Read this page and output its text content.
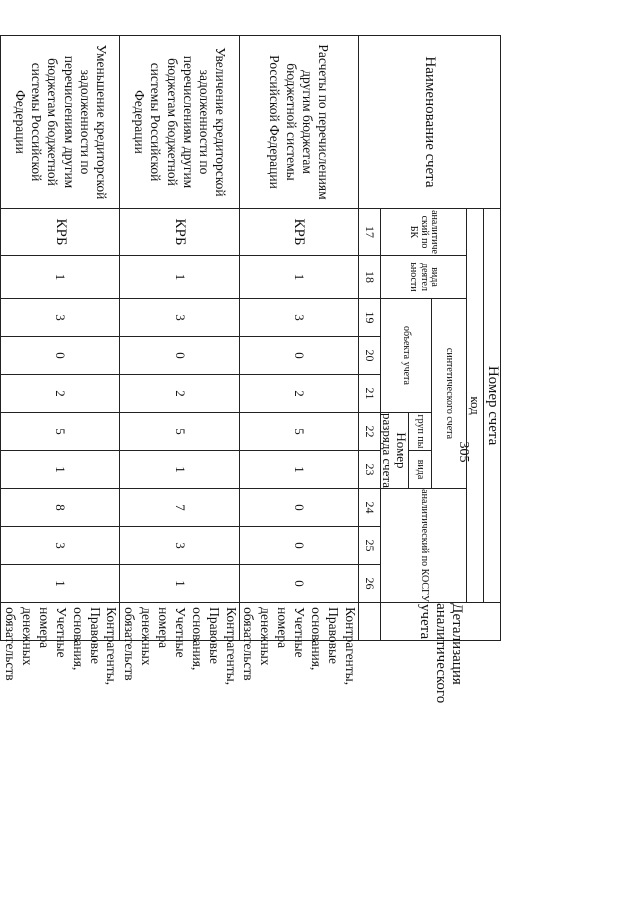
305
Наименование счета	Номер счета										Детализация аналитического учета
	код										
	аналитиче ский по БК	вида деятел ьности	синтетического счета					аналитический по КОСГУ			
			объекта учета			груп пы	вида				
						Номер разряда счета					
	17	18	19	20	21	22	23	24	25	26	
Расчеты по перечислениям другим бюджетам бюджетной системы Российской Федерации	КРБ	1	3	0	2	5	1	0	0	0	Контрагенты, Правовые основания, Учетные номера денежных обязательств
Увеличение кредиторской задолженности по перечислениям другим бюджетам бюджетной системы Российской Федерации	КРБ	1	3	0	2	5	1	7	3	1	Контрагенты, Правовые основания, Учетные номера денежных обязательств
Уменьшение кредиторской задолженности по перечислениям другим бюджетам бюджетной системы Российской Федерации	КРБ	1	3	0	2	5	1	8	3	1	Контрагенты, Правовые основания, Учетные номера денежных обязательств
